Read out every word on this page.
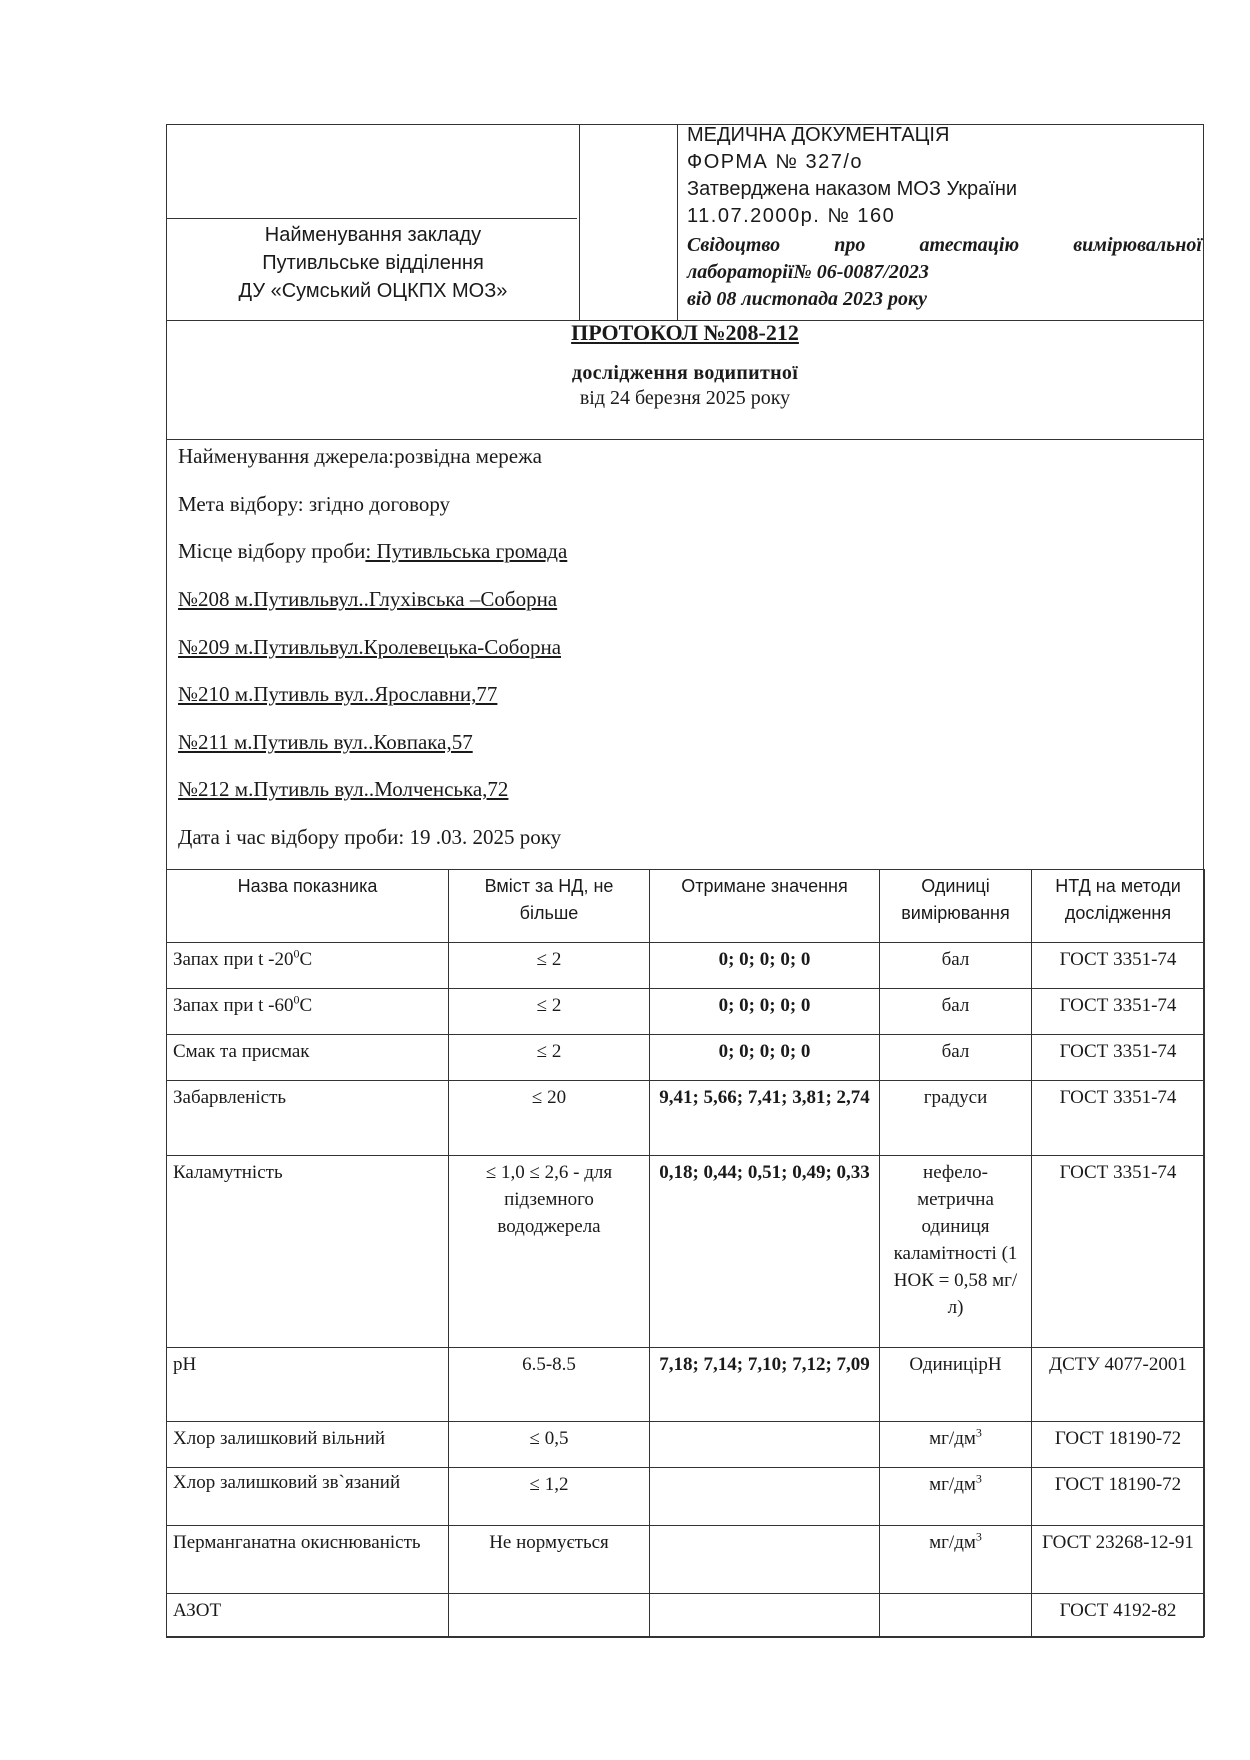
Найменування закладу
Путивльське відділення
ДУ «Сумський ОЦКПХ МОЗ»
МЕДИЧНА ДОКУМЕНТАЦІЯ
ФОРМА № 327/о
Затверджена наказом МОЗ України
11.07.2000р. № 160
Свідоцтво	про	атестацію	вимірювальної
лабораторії№ 06-0087/2023
від 08 листопада 2023 року
ПРОТОКОЛ №208-212
дослідження водипитної
від 24 березня 2025 року
Найменування джерела:розвідна мережа
Мета відбору: згідно договору
Місце відбору проби: Путивльська громада
№208 м.Путивльвул..Глухівська –Соборна
№209 м.Путивльвул.Кролевецька-Соборна
№210 м.Путивль вул..Ярославни,77
№211 м.Путивль вул..Ковпака,57
№212 м.Путивль вул..Молченська,72
Дата і час відбору проби: 19 .03. 2025 року
Назва показника	Вміст за НД, не більше	Отримане значення	Одиниці вимірювання	НТД на методи дослідження
Запах при t $-20^0С$	≤ 2	0; 0; 0; 0; 0	бал	ГОСТ 3351-74
Запах при t $-60^0С$	≤ 2	0; 0; 0; 0; 0	бал	ГОСТ 3351-74
Смак та присмак	≤ 2	0; 0; 0; 0; 0	бал	ГОСТ 3351-74
Забарвленість	≤ 20	9,41; 5,66; 7,41; 3,81; 2,74	градуси	ГОСТ 3351-74
Каламутність	≤ 1,0 ≤ 2,6 - для підземного вододжерела	0,18; 0,44; 0,51; 0,49; 0,33	нефело-метрична одиниця каламітності (1 НОК = 0,58 мг/л)	ГОСТ 3351-74
pH	6.5-8.5	7,18; 7,14; 7,10; 7,12; 7,09	ОдиницірН	ДСТУ 4077-2001
Хлор залишковий вільний	≤ 0,5		$мг/дм^3$	ГОСТ 18190-72
Хлор залишковий зв`язаний	≤ 1,2		$мг/дм^3$	ГОСТ 18190-72
Перманганатна окиснюваність	Не нормується		$мг/дм^3$	ГОСТ 23268-12-91
АЗОТ				ГОСТ 4192-82
